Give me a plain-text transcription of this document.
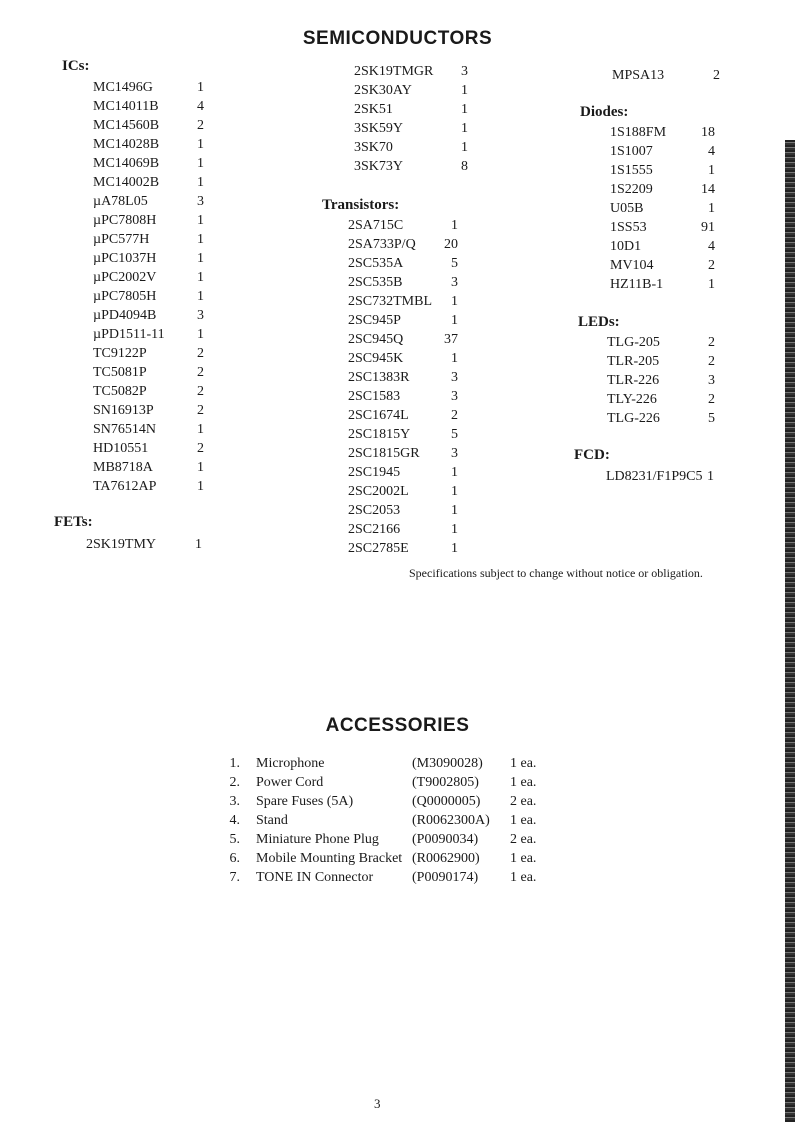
SEMICONDUCTORS
ICs:
MC1496G	1
MC14011B	4
MC14560B	2
MC14028B	1
MC14069B	1
MC14002B	1
µA78L05	3
µPC7808H	1
µPC577H	1
µPC1037H	1
µPC2002V	1
µPC7805H	1
µPD4094B	3
µPD1511-11	1
TC9122P	2
TC5081P	2
TC5082P	2
SN16913P	2
SN76514N	1
HD10551	2
MB8718A	1
TA7612AP	1
FETs:
2SK19TMY	1
2SK19TMGR	3
2SK30AY	1
2SK51	1
3SK59Y	1
3SK70	1
3SK73Y	8
Transistors:
2SA715C	1
2SA733P/Q	20
2SC535A	5
2SC535B	3
2SC732TMBL	1
2SC945P	1
2SC945Q	37
2SC945K	1
2SC1383R	3
2SC1583	3
2SC1674L	2
2SC1815Y	5
2SC1815GR	3
2SC1945	1
2SC2002L	1
2SC2053	1
2SC2166	1
2SC2785E	1
MPSA13	2
Diodes:
1S188FM	18
1S1007	4
1S1555	1
1S2209	14
U05B	1
1SS53	91
10D1	4
MV104	2
HZ11B-1	1
LEDs:
TLG-205	2
TLR-205	2
TLR-226	3
TLY-226	2
TLG-226	5
FCD:
LD8231/F1P9C5 1
Specifications subject to change without notice or obligation.
ACCESSORIES
1. Microphone	(M3090028) 1 ea.
2. Power Cord	(T9002805) 1 ea.
3. Spare Fuses (5A)	(Q0000005) 2 ea.
4. Stand	(R0062300A) 1 ea.
5. Miniature Phone Plug (P0090034) 2 ea.
6. Mobile Mounting Bracket (R0062900) 1 ea.
7. TONE IN Connector	(P0090174) 1 ea.
3
